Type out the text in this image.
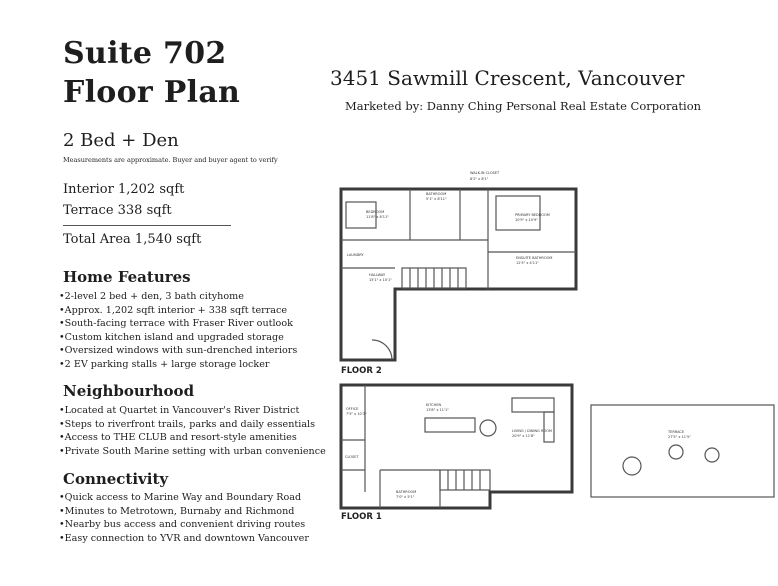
Suite 702
Floor Plan
2 Bed + Den
Measurements are approximate. Buyer and buyer agent to verify
Interior 1,202 sqft
Terrace 338 sqft
Total Area 1,540 sqft
Home Features
• 2-level 2 bed + den, 3 bath cityhome
• Approx. 1,202 sqft interior + 338 sqft terrace
• South-facing terrace with Fraser River outlook
• Custom kitchen island and upgraded storage
• Oversized windows with sun-drenched interiors
• 2 EV parking stalls + large storage locker
Neighbourhood
• Located at Quartet in Vancouver's River District
• Steps to riverfront trails, parks and daily essentials
• Access to THE CLUB and resort-style amenities
• Private South Marine setting with urban convenience
Connectivity
• Quick access to Marine Way and Boundary Road
• Minutes to Metrotown, Burnaby and Richmond
• Nearby bus access and convenient driving routes
• Easy connection to YVR and downtown Vancouver
3451 Sawmill Crescent, Vancouver
Marketed by: Danny Ching Personal Real Estate Corporation
WALK-IN CLOSET
8'2" x 8'1"
BEDROOM
11'8" x 8'11"
BATHROOM
5'1" x 8'11"
PRIMARY BEDROOM
10'9" x 10'9"
ENSUITE BATHROOM
12'5" x 4'11"
LAUNDRY
HALLWAY
15'1" x 10'1"
OFFICE
7'5" x 10'3"
KITCHEN
13'8" x 11'1"
LIVING / DINING ROOM
20'9" x 11'8"
TERRACE
27'5" x 11'5"
BATHROOM
7'0" x 5'1"
CLOSET
FLOOR 2
FLOOR 1
